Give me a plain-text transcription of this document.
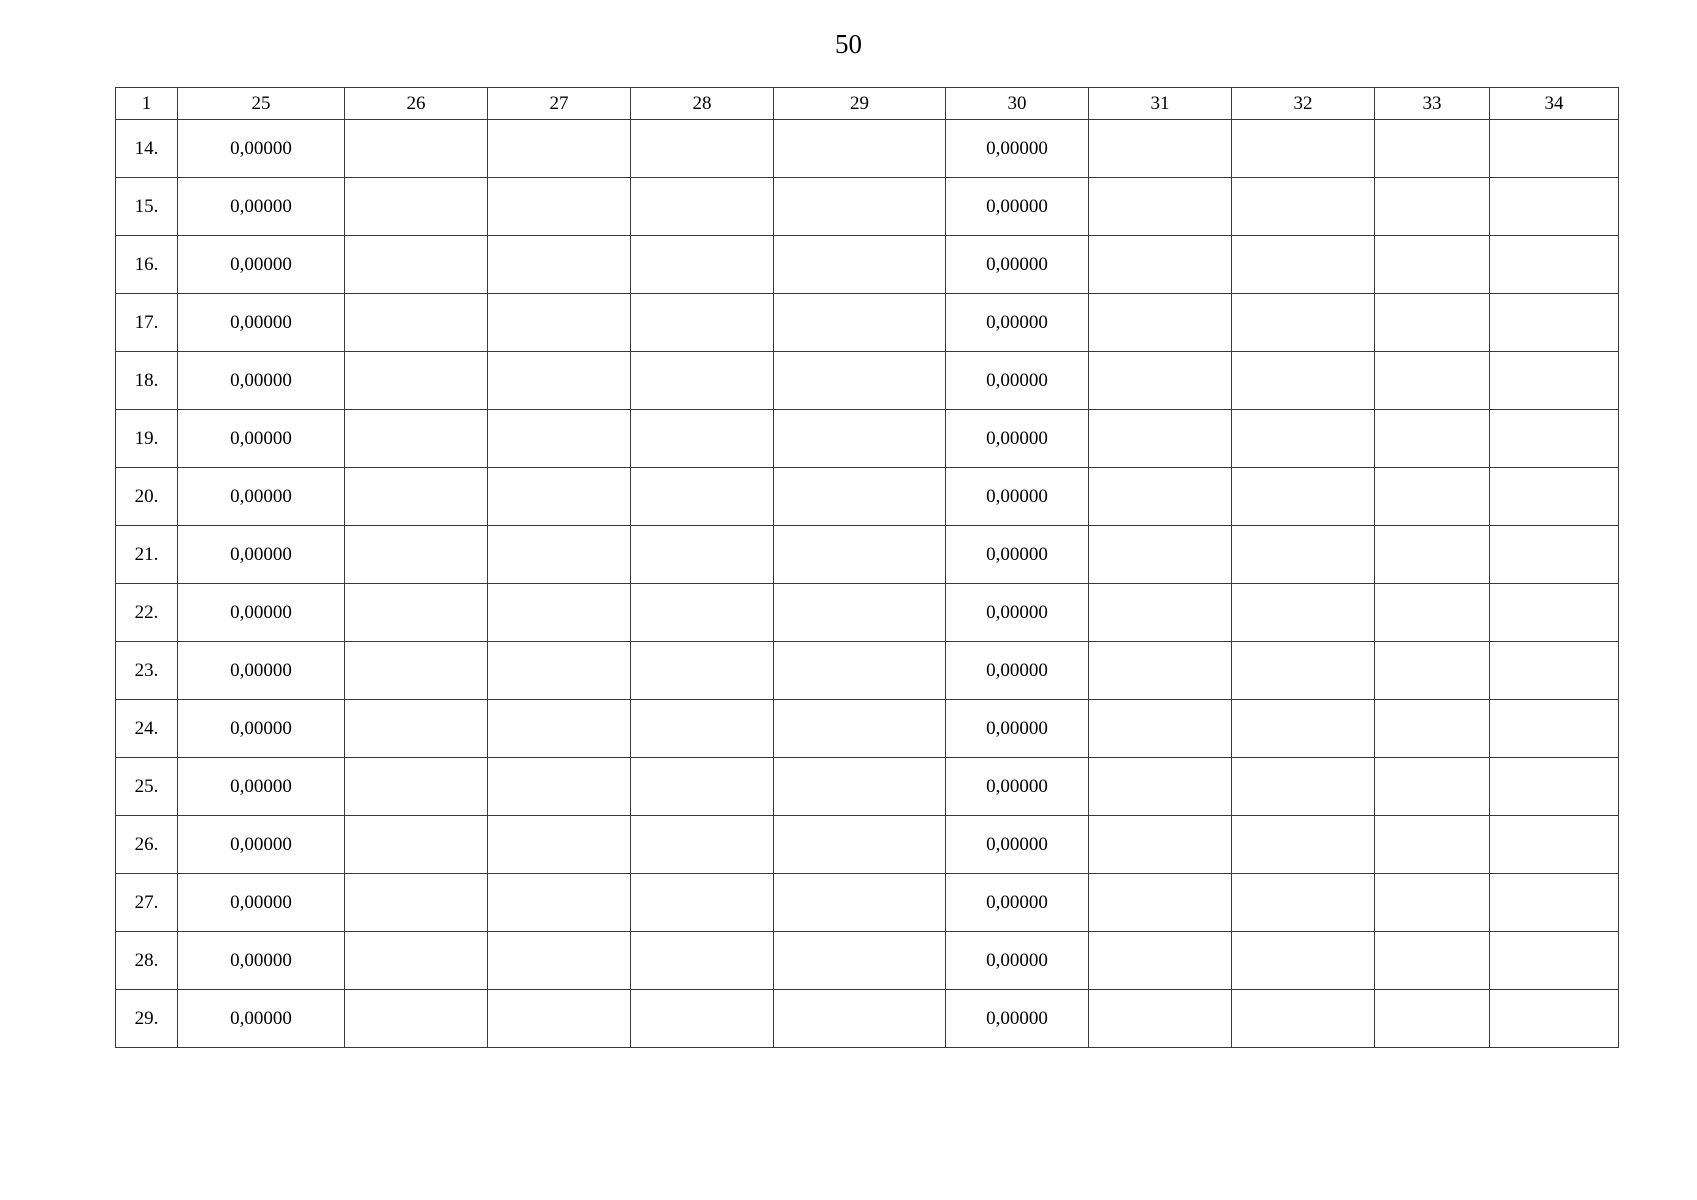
50
1	25	26	27	28	29	30	31	32	33	34
14.	0,00000					0,00000				
15.	0,00000					0,00000				
16.	0,00000					0,00000				
17.	0,00000					0,00000				
18.	0,00000					0,00000				
19.	0,00000					0,00000				
20.	0,00000					0,00000				
21.	0,00000					0,00000				
22.	0,00000					0,00000				
23.	0,00000					0,00000				
24.	0,00000					0,00000				
25.	0,00000					0,00000				
26.	0,00000					0,00000				
27.	0,00000					0,00000				
28.	0,00000					0,00000				
29.	0,00000					0,00000				
